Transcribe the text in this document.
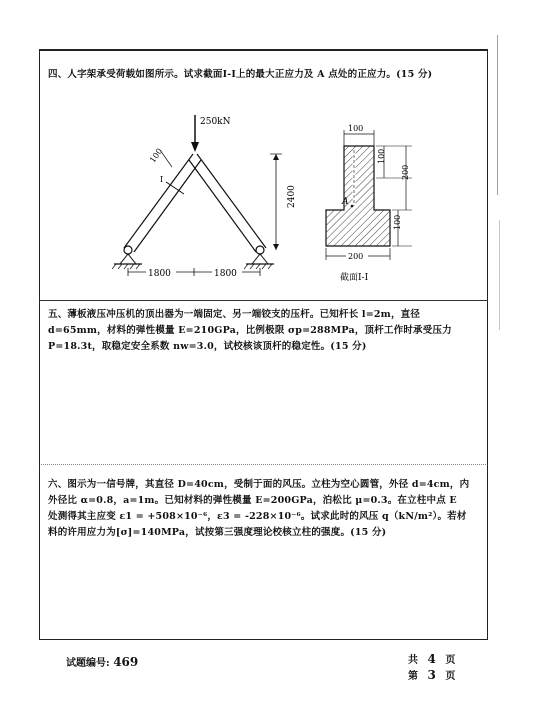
四、人字架承受荷载如图所示。试求截面Ⅰ-Ⅰ上的最大正应力及 A 点处的正应力。(15 分)

250kN
Ⅰ
100
2400
1800	1800
100
A
100
200
100
200
截面Ⅰ-Ⅰ

五、薄板液压冲压机的顶出器为一端固定、另一端铰支的压杆。已知杆长 l=2m，直径 d=65mm，材料的弹性模量 E=210GPa，比例极限 σp=288MPa，顶杆工作时承受压力 P=18.3t，取稳定安全系数 nw=3.0，试校核该顶杆的稳定性。(15 分)

六、图示为一信号牌，其直径 D=40cm，受制于面的风压。立柱为空心圆管，外径 d=4cm，内外径比 α=0.8，a=1m。已知材料的弹性模量 E=200GPa，泊松比 μ=0.3。在立柱中点 E 处测得其主应变 ε1 = +508×10⁻⁶，ε3 = -228×10⁻⁶。试求此时的风压 q（kN/m²）。若材料的许用应力为[σ]=140MPa，试按第三强度理论校核立柱的强度。(15 分)

试题编号: 469	共 4 页
第 3 页
